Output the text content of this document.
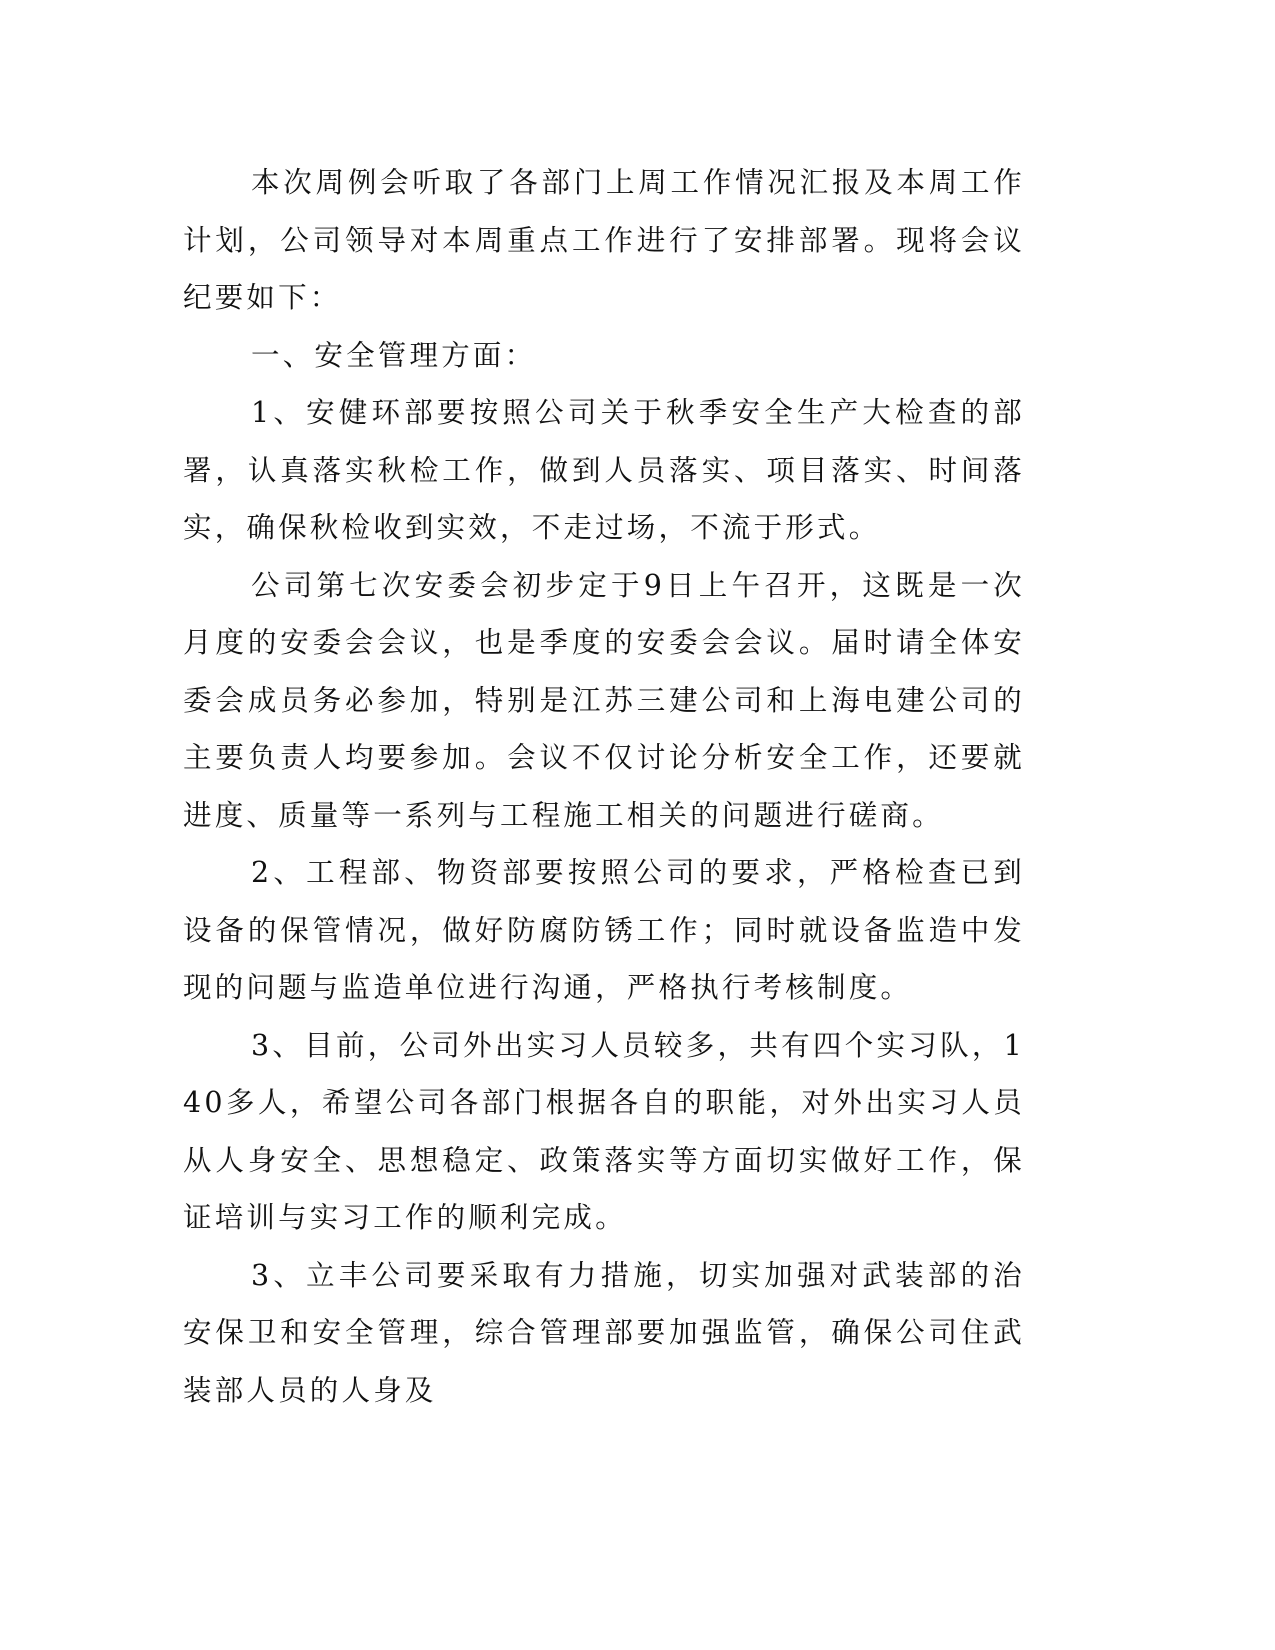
本次周例会听取了各部门上周工作情况汇报及本周工作计划，公司领导对本周重点工作进行了安排部署。现将会议纪要如下：

一、安全管理方面：

1、安健环部要按照公司关于秋季安全生产大检查的部署，认真落实秋检工作，做到人员落实、项目落实、时间落实，确保秋检收到实效，不走过场，不流于形式。

公司第七次安委会初步定于9日上午召开，这既是一次月度的安委会会议，也是季度的安委会会议。届时请全体安委会成员务必参加，特别是江苏三建公司和上海电建公司的主要负责人均要参加。会议不仅讨论分析安全工作，还要就进度、质量等一系列与工程施工相关的问题进行磋商。

2、工程部、物资部要按照公司的要求，严格检查已到设备的保管情况，做好防腐防锈工作；同时就设备监造中发现的问题与监造单位进行沟通，严格执行考核制度。

3、目前，公司外出实习人员较多，共有四个实习队，140多人，希望公司各部门根据各自的职能，对外出实习人员从人身安全、思想稳定、政策落实等方面切实做好工作，保证培训与实习工作的顺利完成。

3、立丰公司要采取有力措施，切实加强对武装部的治安保卫和安全管理，综合管理部要加强监管，确保公司住武装部人员的人身及
